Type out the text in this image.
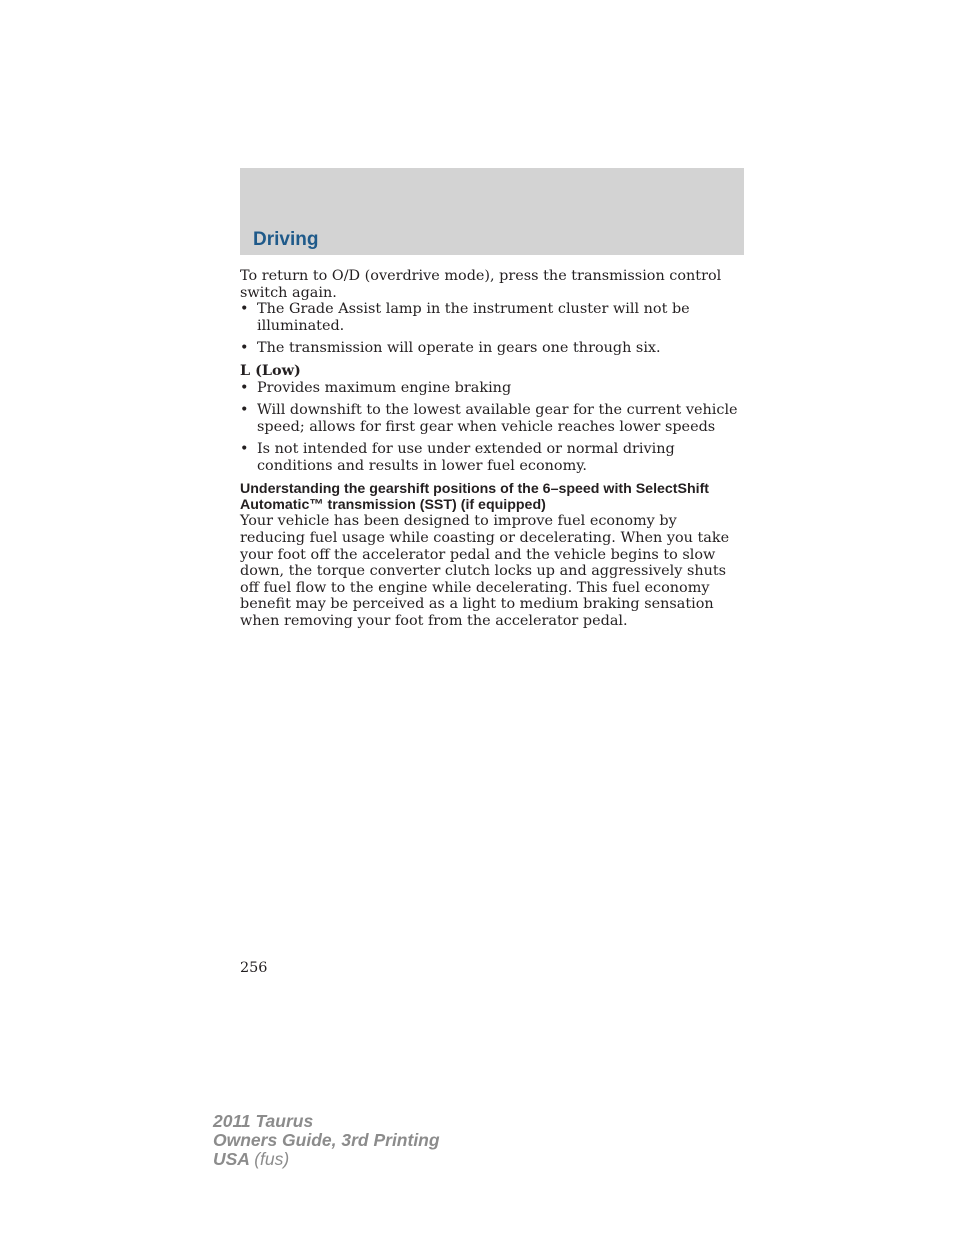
Driving

To return to O/D (overdrive mode), press the transmission control switch again.

• The Grade Assist lamp in the instrument cluster will not be illuminated.
• The transmission will operate in gears one through six.

L (Low)

• Provides maximum engine braking
• Will downshift to the lowest available gear for the current vehicle speed; allows for first gear when vehicle reaches lower speeds
• Is not intended for use under extended or normal driving conditions and results in lower fuel economy.

Understanding the gearshift positions of the 6–speed with SelectShift Automatic™ transmission (SST) (if equipped)

Your vehicle has been designed to improve fuel economy by reducing fuel usage while coasting or decelerating. When you take your foot off the accelerator pedal and the vehicle begins to slow down, the torque converter clutch locks up and aggressively shuts off fuel flow to the engine while decelerating. This fuel economy benefit may be perceived as a light to medium braking sensation when removing your foot from the accelerator pedal.

256
2011 Taurus
Owners Guide, 3rd Printing
USA (fus)
